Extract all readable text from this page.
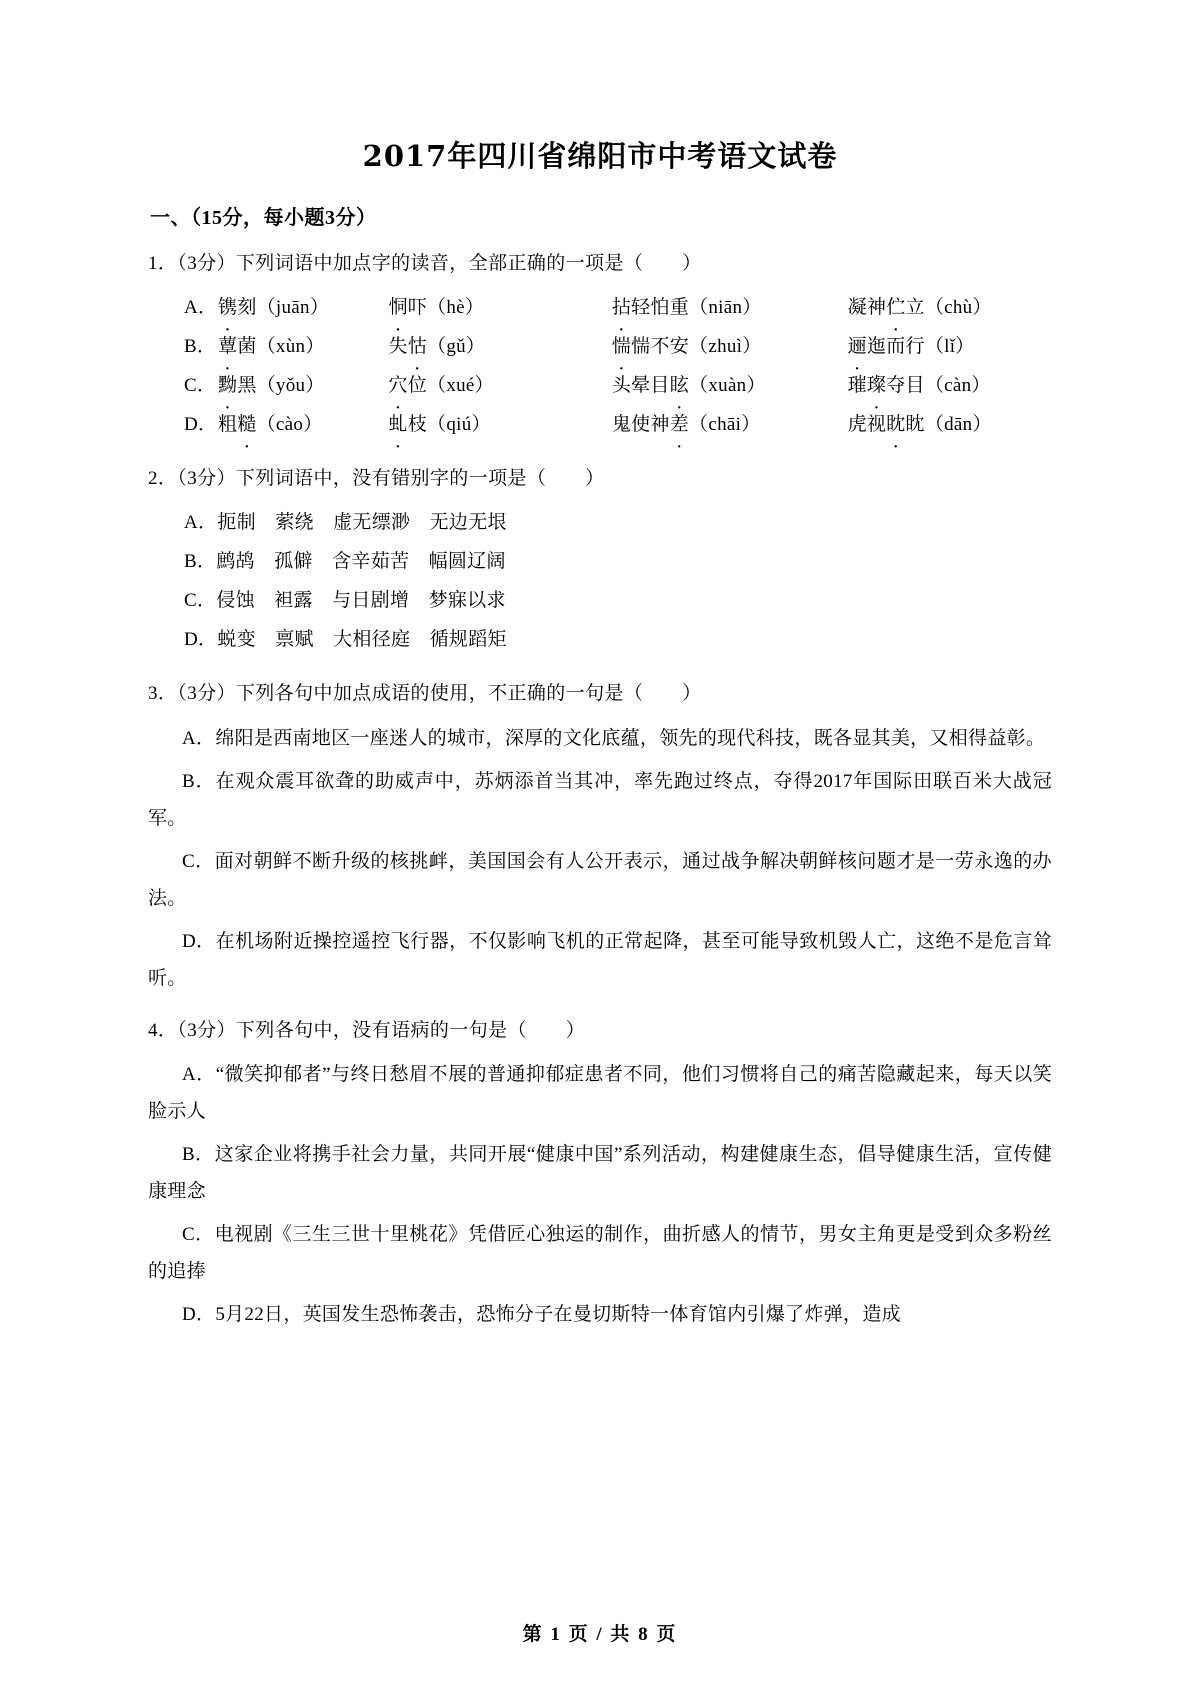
2017年四川省绵阳市中考语文试卷
一、（15分，每小题3分）
1．（3分）下列词语中加点字的读音，全部正确的一项是（　　）
A．镌刻（juān）	恫吓（hè）	拈轻怕重（niān）	凝神伫立（chù）
B．蕈菌（xùn）	失怙（gǔ）	惴惴不安（zhuì）	逦迤而行（lǐ）
C．黝黑（yǒu）	穴位（xué）	头晕目眩（xuàn）	璀璨夺目（càn）
D．粗糙（cào）	虬枝（qiú）	鬼使神差（chāi）	虎视眈眈（dān）
2．（3分）下列词语中，没有错别字的一项是（　　）
A．扼制　萦绕　虚无缥渺　无边无垠
B．鹧鸪　孤僻　含辛茹苦　幅圆辽阔
C．侵蚀　袒露　与日剧增　梦寐以求
D．蜕变　禀赋　大相径庭　循规蹈矩
3．（3分）下列各句中加点成语的使用，不正确的一句是（　　）
A．绵阳是西南地区一座迷人的城市，深厚的文化底蕴，领先的现代科技，既各显其美，又相得益彰。
B．在观众震耳欲聋的助威声中，苏炳添首当其冲，率先跑过终点，夺得2017年国际田联百米大战冠军。
C．面对朝鲜不断升级的核挑衅，美国国会有人公开表示，通过战争解决朝鲜核问题才是一劳永逸的办法。
D．在机场附近操控遥控飞行器，不仅影响飞机的正常起降，甚至可能导致机毁人亡，这绝不是危言耸听。
4．（3分）下列各句中，没有语病的一句是（　　）
A．“微笑抑郁者”与终日愁眉不展的普通抑郁症患者不同，他们习惯将自己的痛苦隐藏起来，每天以笑脸示人
B．这家企业将携手社会力量，共同开展“健康中国”系列活动，构建健康生态，倡导健康生活，宣传健康理念
C．电视剧《三生三世十里桃花》凭借匠心独运的制作，曲折感人的情节，男女主角更是受到众多粉丝的追捧
D．5月22日，英国发生恐怖袭击，恐怖分子在曼切斯特一体育馆内引爆了炸弹，造成
第 1 页 / 共 8 页
